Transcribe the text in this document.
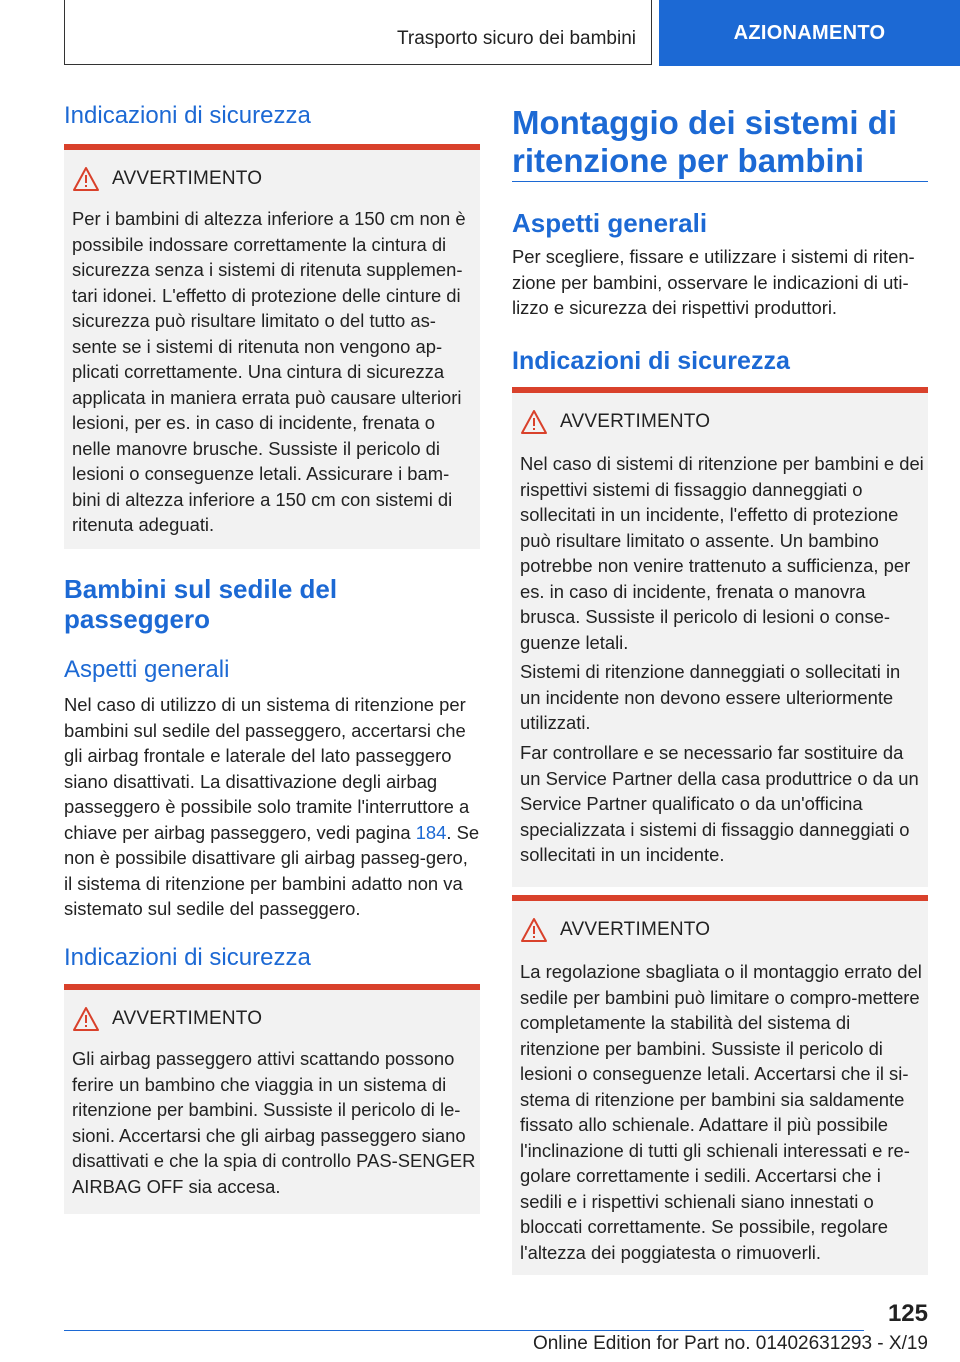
Trasporto sicuro dei bambini	AZIONAMENTO
Indicazioni di sicurezza
AVVERTIMENTO

Per i bambini di altezza inferiore a 150 cm non è possibile indossare correttamente la cintura di sicurezza senza i sistemi di ritenuta supplemen-tari idonei. L'effetto di protezione delle cinture di sicurezza può risultare limitato o del tutto as-sente se i sistemi di ritenuta non vengono ap-plicati correttamente. Una cintura di sicurezza applicata in maniera errata può causare ulteriori lesioni, per es. in caso di incidente, frenata o nelle manovre brusche. Sussiste il pericolo di lesioni o conseguenze letali. Assicurare i bam-bini di altezza inferiore a 150 cm con sistemi di ritenuta adeguati.

Bambini sul sedile del passeggero
Aspetti generali

Nel caso di utilizzo di un sistema di ritenzione per bambini sul sedile del passeggero, accertarsi che gli airbag frontale e laterale del lato passeggero siano disattivati. La disattivazione degli airbag passeggero è possibile solo tramite l'interruttore a chiave per airbag passeggero, vedi pagina 184. Se non è possibile disattivare gli airbag passeg-gero, il sistema di ritenzione per bambini adatto non va sistemato sul sedile del passeggero.

Indicazioni di sicurezza
AVVERTIMENTO

Gli airbag passeggero attivi scattando possono ferire un bambino che viaggia in un sistema di ritenzione per bambini. Sussiste il pericolo di le-sioni. Accertarsi che gli airbag passeggero siano disattivati e che la spia di controllo PAS-SENGER AIRBAG OFF sia accesa.

Montaggio dei sistemi di ritenzione per bambini
Aspetti generali

Per scegliere, fissare e utilizzare i sistemi di riten-zione per bambini, osservare le indicazioni di uti-lizzo e sicurezza dei rispettivi produttori.

Indicazioni di sicurezza
AVVERTIMENTO

Nel caso di sistemi di ritenzione per bambini e dei rispettivi sistemi di fissaggio danneggiati o sollecitati in un incidente, l'effetto di protezione può risultare limitato o assente. Un bambino potrebbe non venire trattenuto a sufficienza, per es. in caso di incidente, frenata o manovra brusca. Sussiste il pericolo di lesioni o conse-guenze letali.

Sistemi di ritenzione danneggiati o sollecitati in un incidente non devono essere ulteriormente utilizzati.

Far controllare e se necessario far sostituire da un Service Partner della casa produttrice o da un Service Partner qualificato o da un'officina specializzata i sistemi di fissaggio danneggiati o sollecitati in un incidente.

AVVERTIMENTO

La regolazione sbagliata o il montaggio errato del sedile per bambini può limitare o compro-mettere completamente la stabilità del sistema di ritenzione per bambini. Sussiste il pericolo di lesioni o conseguenze letali. Accertarsi che il si-stema di ritenzione per bambini sia saldamente fissato allo schienale. Adattare il più possibile l'inclinazione di tutti gli schienali interessati e re-golare correttamente i sedili. Accertarsi che i sedili e i rispettivi schienali siano innestati o bloccati correttamente. Se possibile, regolare l'altezza dei poggiatesta o rimuoverli.

125
Online Edition for Part no. 01402631293 - X/19
